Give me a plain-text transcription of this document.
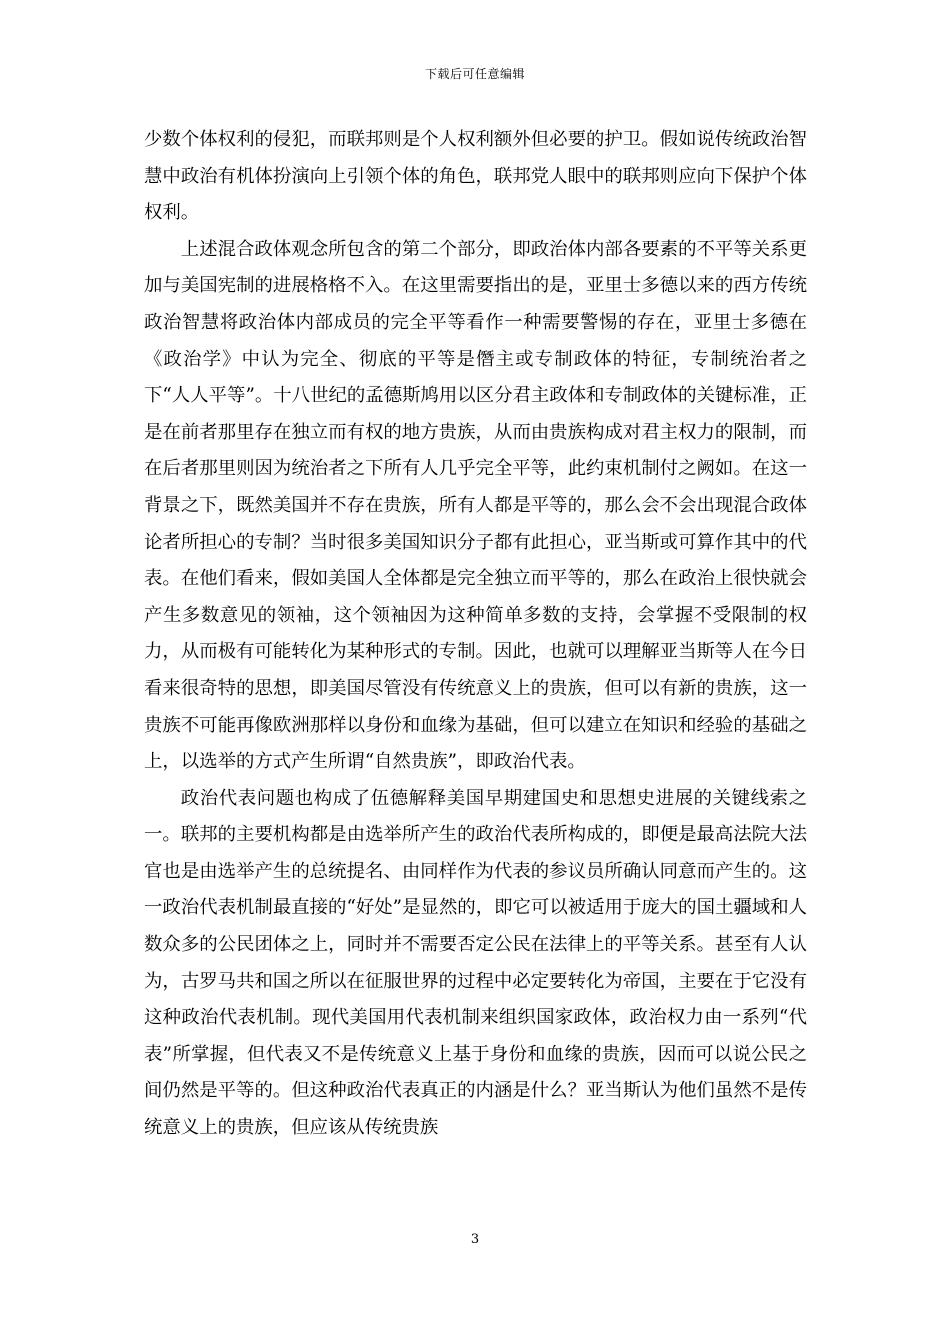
下载后可任意编辑

少数个体权利的侵犯，而联邦则是个人权利额外但必要的护卫。假如说传统政治智慧中政治有机体扮演向上引领个体的角色，联邦党人眼中的联邦则应向下保护个体权利。

上述混合政体观念所包含的第二个部分，即政治体内部各要素的不平等关系更加与美国宪制的进展格格不入。在这里需要指出的是，亚里士多德以来的西方传统政治智慧将政治体内部成员的完全平等看作一种需要警惕的存在，亚里士多德在《政治学》中认为完全、彻底的平等是僭主或专制政体的特征，专制统治者之下“人人平等”。十八世纪的孟德斯鸠用以区分君主政体和专制政体的关键标准，正是在前者那里存在独立而有权的地方贵族，从而由贵族构成对君主权力的限制，而在后者那里则因为统治者之下所有人几乎完全平等，此约束机制付之阙如。在这一背景之下，既然美国并不存在贵族，所有人都是平等的，那么会不会出现混合政体论者所担心的专制？当时很多美国知识分子都有此担心，亚当斯或可算作其中的代表。在他们看来，假如美国人全体都是完全独立而平等的，那么在政治上很快就会产生多数意见的领袖，这个领袖因为这种简单多数的支持，会掌握不受限制的权力，从而极有可能转化为某种形式的专制。因此，也就可以理解亚当斯等人在今日看来很奇特的思想，即美国尽管没有传统意义上的贵族，但可以有新的贵族，这一贵族不可能再像欧洲那样以身份和血缘为基础，但可以建立在知识和经验的基础之上，以选举的方式产生所谓“自然贵族”，即政治代表。

政治代表问题也构成了伍德解释美国早期建国史和思想史进展的关键线索之一。联邦的主要机构都是由选举所产生的政治代表所构成的，即便是最高法院大法官也是由选举产生的总统提名、由同样作为代表的参议员所确认同意而产生的。这一政治代表机制最直接的“好处”是显然的，即它可以被适用于庞大的国土疆域和人数众多的公民团体之上，同时并不需要否定公民在法律上的平等关系。甚至有人认为，古罗马共和国之所以在征服世界的过程中必定要转化为帝国，主要在于它没有这种政治代表机制。现代美国用代表机制来组织国家政体，政治权力由一系列“代表”所掌握，但代表又不是传统意义上基于身份和血缘的贵族，因而可以说公民之间仍然是平等的。但这种政治代表真正的内涵是什么？亚当斯认为他们虽然不是传统意义上的贵族，但应该从传统贵族

3
